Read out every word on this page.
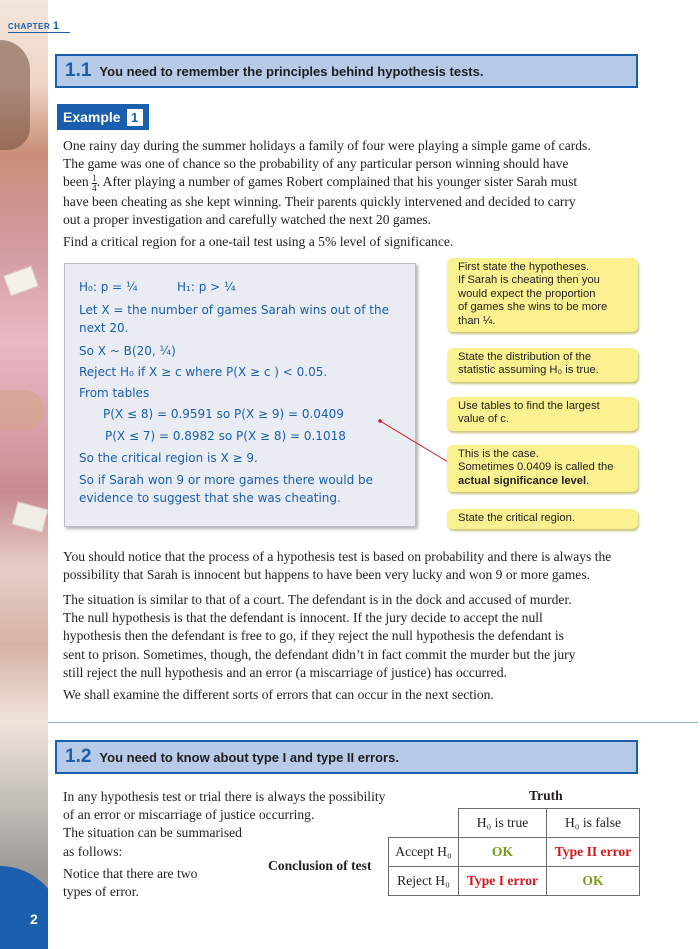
2
CHAPTER 1
1.1 You need to remember the principles behind hypothesis tests.
Example 1
One rainy day during the summer holidays a family of four were playing a simple game of cards.
The game was one of chance so the probability of any particular person winning should have
been $\frac{1}{4}$ . After playing a number of games Robert complained that his younger sister Sarah must
have been cheating as she kept winning. Their parents quickly intervened and decided to carry
out a proper investigation and carefully watched the next 20 games.
Find a critical region for a one-tail test using a 5% level of significance.
H₀: p = ¼	H₁: p > ¼
Let X = the number of games Sarah wins out of the
next 20.
So X ~ B(20, ¼)
Reject H₀ if X ≥ c where P(X ≥ c ) < 0.05.
From tables
P(X ≤ 8) = 0.9591 so P(X ≥ 9) = 0.0409
P(X ≤ 7) = 0.8982 so P(X ≥ 8) = 0.1018
So the critical region is X ≥ 9.
So if Sarah won 9 or more games there would be
evidence to suggest that she was cheating.
First state the hypotheses.
If Sarah is cheating then you
would expect the proportion
of games she wins to be more
than ¼.
State the distribution of the
statistic assuming H₀ is true.
Use tables to find the largest
value of c.
This is the case.
Sometimes 0.0409 is called the
actual significance level.
State the critical region.
You should notice that the process of a hypothesis test is based on probability and there is always the
possibility that Sarah is innocent but happens to have been very lucky and won 9 or more games.
The situation is similar to that of a court. The defendant is in the dock and accused of murder.
The null hypothesis is that the defendant is innocent. If the jury decide to accept the null
hypothesis then the defendant is free to go, if they reject the null hypothesis the defendant is
sent to prison. Sometimes, though, the defendant didn’t in fact commit the murder but the jury
still reject the null hypothesis and an error (a miscarriage of justice) has occurred.
We shall examine the different sorts of errors that can occur in the next section.
1.2 You need to know about type I and type II errors.
In any hypothesis test or trial there is always the possibility
of an error or miscarriage of justice occurring.
The situation can be summarised
as follows:
Notice that there are two
types of error.
Truth
Conclusion of test
	H₀ is true	H₀ is false
Accept H₀	OK	Type II error
Reject H₀	Type I error	OK
